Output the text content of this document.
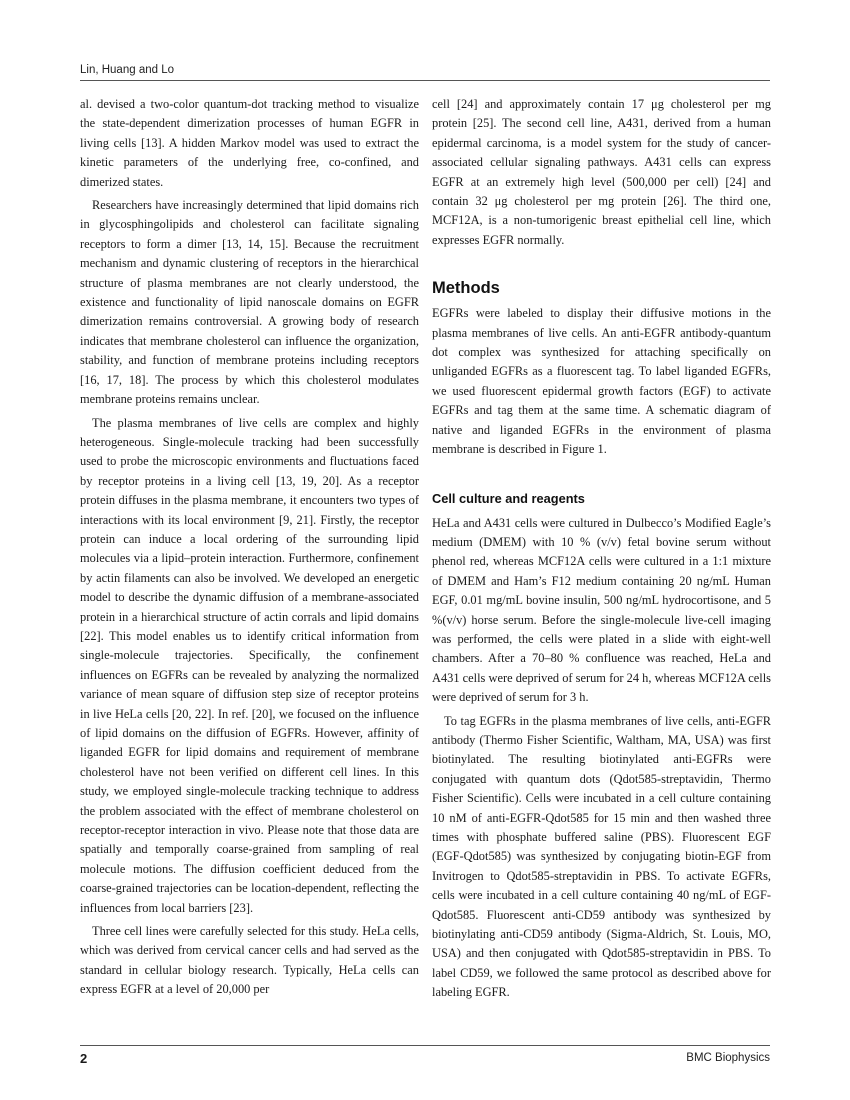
Lin, Huang and Lo

al. devised a two-color quantum-dot tracking method to visualize the state-dependent dimerization processes of human EGFR in living cells [13]. A hidden Markov model was used to extract the kinetic parameters of the underlying free, co-confined, and dimerized states.

Researchers have increasingly determined that lipid domains rich in glycosphingolipids and cholesterol can facilitate signaling receptors to form a dimer [13, 14, 15]. Because the recruitment mechanism and dynamic clustering of receptors in the hierarchical structure of plasma membranes are not clearly understood, the existence and functionality of lipid nanoscale domains on EGFR dimerization remains controversial. A growing body of research indicates that membrane cholesterol can influence the organization, stability, and function of membrane proteins including receptors [16, 17, 18]. The process by which this cholesterol modulates membrane proteins remains unclear.

The plasma membranes of live cells are complex and highly heterogeneous. Single-molecule tracking had been successfully used to probe the microscopic environments and fluctuations faced by receptor proteins in a living cell [13, 19, 20]. As a receptor protein diffuses in the plasma membrane, it encounters two types of interactions with its local environment [9, 21]. Firstly, the receptor protein can induce a local ordering of the surrounding lipid molecules via a lipid–protein interaction. Furthermore, confinement by actin filaments can also be involved. We developed an energetic model to describe the dynamic diffusion of a membrane-associated protein in a hierarchical structure of actin corrals and lipid domains [22]. This model enables us to identify critical information from single-molecule trajectories. Specifically, the confinement influences on EGFRs can be revealed by analyzing the normalized variance of mean square of diffusion step size of receptor proteins in live HeLa cells [20, 22]. In ref. [20], we focused on the influence of lipid domains on the diffusion of EGFRs. However, affinity of liganded EGFR for lipid domains and requirement of membrane cholesterol have not been verified on different cell lines. In this study, we employed single-molecule tracking technique to address the problem associated with the effect of membrane cholesterol on receptor-receptor interaction in vivo. Please note that those data are spatially and temporally coarse-grained from sampling of real molecule motions. The diffusion coefficient deduced from the coarse-grained trajectories can be location-dependent, reflecting the influences from local barriers [23].

Three cell lines were carefully selected for this study. HeLa cells, which was derived from cervical cancer cells and had served as the standard in cellular biology research. Typically, HeLa cells can express EGFR at a level of 20,000 per

cell [24] and approximately contain 17 μg cholesterol per mg protein [25]. The second cell line, A431, derived from a human epidermal carcinoma, is a model system for the study of cancer-associated cellular signaling pathways. A431 cells can express EGFR at an extremely high level (500,000 per cell) [24] and contain 32 μg cholesterol per mg protein [26]. The third one, MCF12A, is a non-tumorigenic breast epithelial cell line, which expresses EGFR normally.

Methods

EGFRs were labeled to display their diffusive motions in the plasma membranes of live cells. An anti-EGFR antibody-quantum dot complex was synthesized for attaching specifically on unliganded EGFRs as a fluorescent tag. To label liganded EGFRs, we used fluorescent epidermal growth factors (EGF) to activate EGFRs and tag them at the same time. A schematic diagram of native and liganded EGFRs in the environment of plasma membrane is described in Figure 1.

Cell culture and reagents

HeLa and A431 cells were cultured in Dulbecco’s Modified Eagle’s medium (DMEM) with 10 % (v/v) fetal bovine serum without phenol red, whereas MCF12A cells were cultured in a 1:1 mixture of DMEM and Ham’s F12 medium containing 20 ng/mL Human EGF, 0.01 mg/mL bovine insulin, 500 ng/mL hydrocortisone, and 5 %(v/v) horse serum. Before the single-molecule live-cell imaging was performed, the cells were plated in a slide with eight-well chambers. After a 70–80 % confluence was reached, HeLa and A431 cells were deprived of serum for 24 h, whereas MCF12A cells were deprived of serum for 3 h.

To tag EGFRs in the plasma membranes of live cells, anti-EGFR antibody (Thermo Fisher Scientific, Waltham, MA, USA) was first biotinylated. The resulting biotinylated anti-EGFRs were conjugated with quantum dots (Qdot585-streptavidin, Thermo Fisher Scientific). Cells were incubated in a cell culture containing 10 nM of anti-EGFR-Qdot585 for 15 min and then washed three times with phosphate buffered saline (PBS). Fluorescent EGF (EGF-Qdot585) was synthesized by conjugating biotin-EGF from Invitrogen to Qdot585-streptavidin in PBS. To activate EGFRs, cells were incubated in a cell culture containing 40 ng/mL of EGF-Qdot585. Fluorescent anti-CD59 antibody was synthesized by biotinylating anti-CD59 antibody (Sigma-Aldrich, St. Louis, MO, USA) and then conjugated with Qdot585-streptavidin in PBS. To label CD59, we followed the same protocol as described above for labeling EGFR.

2	BMC Biophysics
